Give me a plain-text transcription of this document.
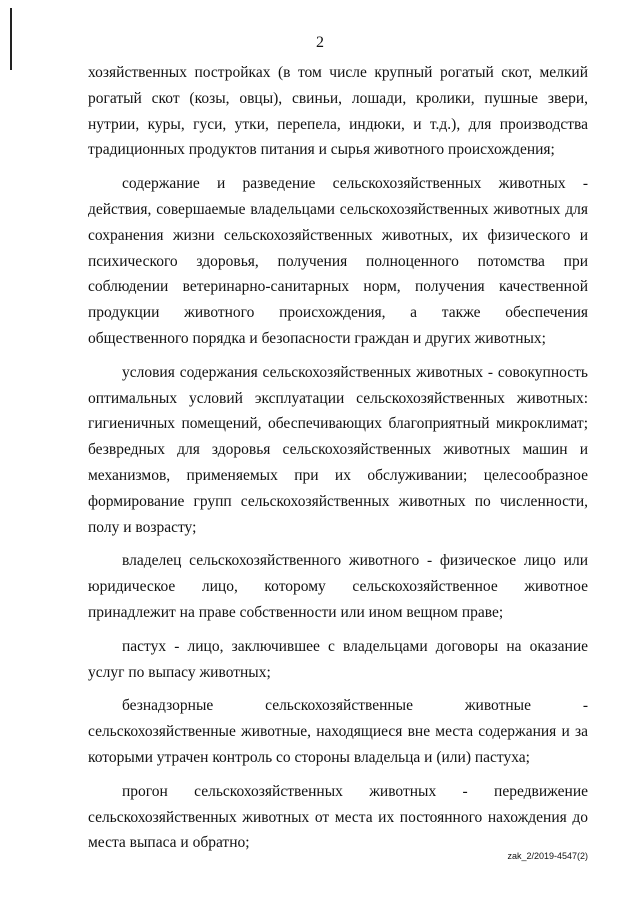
2

хозяйственных постройках (в том числе крупный рогатый скот, мелкий рогатый скот (козы, овцы), свиньи, лошади, кролики, пушные звери, нутрии, куры, гуси, утки, перепела, индюки, и т.д.), для производства традиционных продуктов питания и сырья животного происхождения;

содержание и разведение сельскохозяйственных животных - действия, совершаемые владельцами сельскохозяйственных животных для сохранения жизни сельскохозяйственных животных, их физического и психического здоровья, получения полноценного потомства при соблюдении ветеринарно-санитарных норм, получения качественной продукции животного происхождения, а также обеспечения общественного порядка и безопасности граждан и других животных;

условия содержания сельскохозяйственных животных - совокупность оптимальных условий эксплуатации сельскохозяйственных животных: гигиеничных помещений, обеспечивающих благоприятный микроклимат; безвредных для здоровья сельскохозяйственных животных машин и механизмов, применяемых при их обслуживании; целесообразное формирование групп сельскохозяйственных животных по численности, полу и возрасту;

владелец сельскохозяйственного животного - физическое лицо или юридическое лицо, которому сельскохозяйственное животное принадлежит на праве собственности или ином вещном праве;

пастух - лицо, заключившее с владельцами договоры на оказание услуг по выпасу животных;

безнадзорные сельскохозяйственные животные - сельскохозяйственные животные, находящиеся вне места содержания и за которыми утрачен контроль со стороны владельца и (или) пастуха;

прогон сельскохозяйственных животных - передвижение сельскохозяйственных животных от места их постоянного нахождения до места выпаса и обратно;

zak_2/2019-4547(2)
